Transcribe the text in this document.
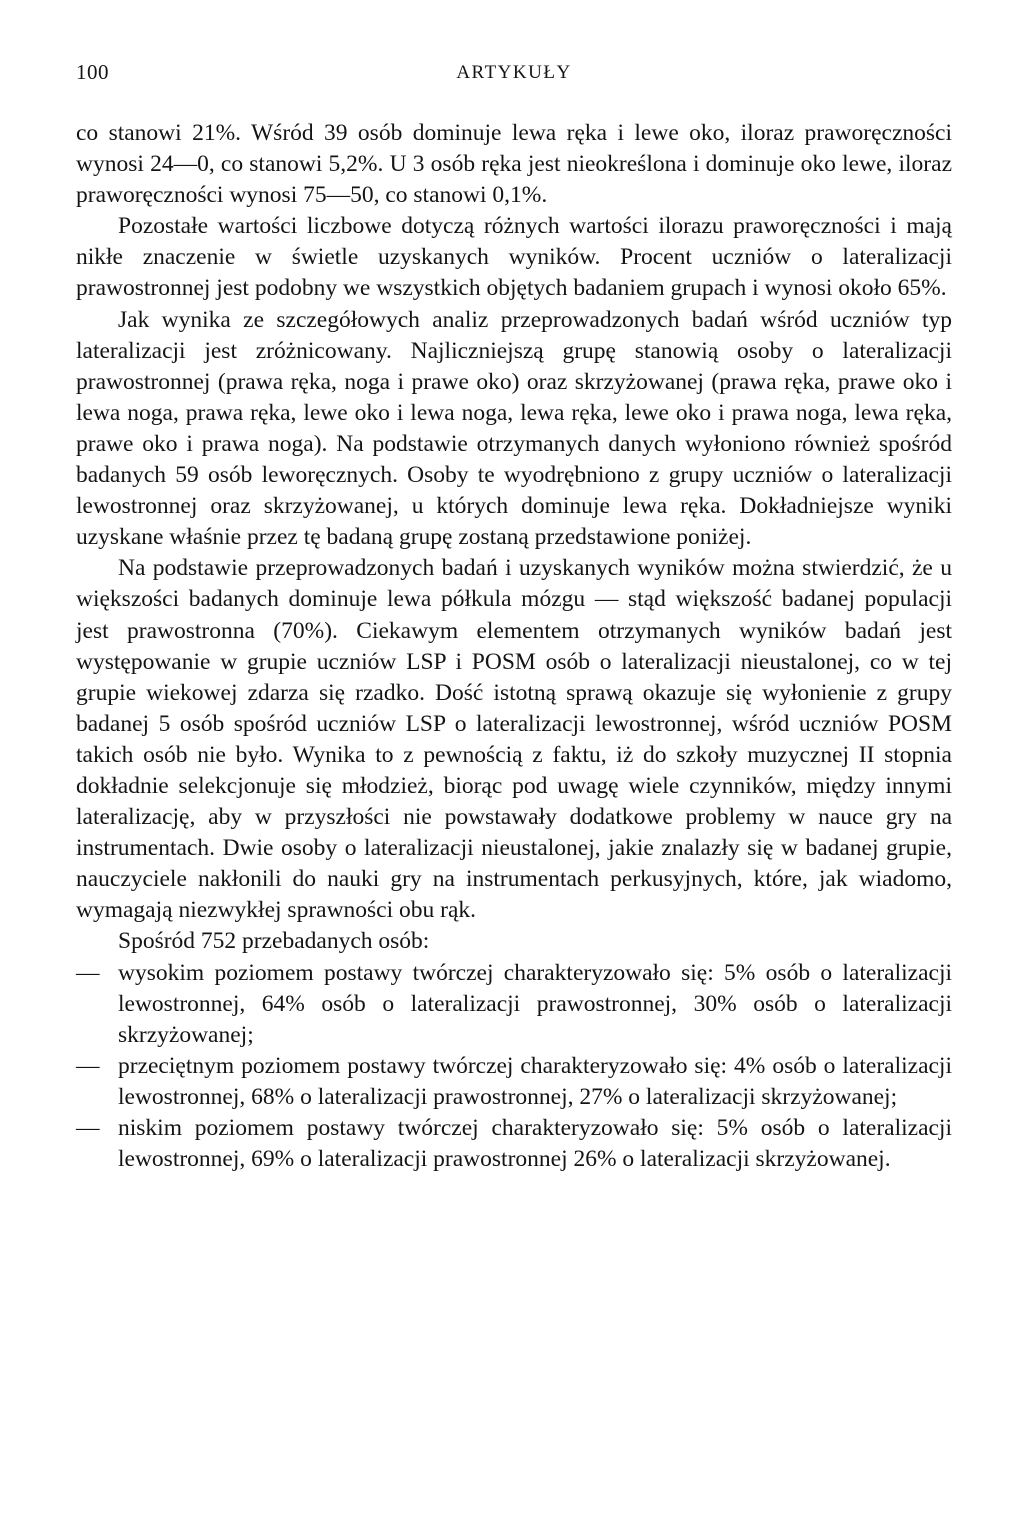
100	ARTYKUŁY

co stanowi 21%. Wśród 39 osób dominuje lewa ręka i lewe oko, iloraz praworęczności wynosi 24—0, co stanowi 5,2%. U 3 osób ręka jest nieokreślona i dominuje oko lewe, iloraz praworęczności wynosi 75—50, co stanowi 0,1%.

Pozostałe wartości liczbowe dotyczą różnych wartości ilorazu praworęczności i mają nikłe znaczenie w świetle uzyskanych wyników. Procent uczniów o lateralizacji prawostronnej jest podobny we wszystkich objętych badaniem grupach i wynosi około 65%.

Jak wynika ze szczegółowych analiz przeprowadzonych badań wśród uczniów typ lateralizacji jest zróżnicowany. Najliczniejszą grupę stanowią osoby o lateralizacji prawostronnej (prawa ręka, noga i prawe oko) oraz skrzyżowanej (prawa ręka, prawe oko i lewa noga, prawa ręka, lewe oko i lewa noga, lewa ręka, lewe oko i prawa noga, lewa ręka, prawe oko i prawa noga). Na podstawie otrzymanych danych wyłoniono również spośród badanych 59 osób leworęcznych. Osoby te wyodrębniono z grupy uczniów o lateralizacji lewostronnej oraz skrzyżowanej, u których dominuje lewa ręka. Dokładniejsze wyniki uzyskane właśnie przez tę badaną grupę zostaną przedstawione poniżej.

Na podstawie przeprowadzonych badań i uzyskanych wyników można stwierdzić, że u większości badanych dominuje lewa półkula mózgu — stąd większość badanej populacji jest prawostronna (70%). Ciekawym elementem otrzymanych wyników badań jest występowanie w grupie uczniów LSP i POSM osób o lateralizacji nieustalonej, co w tej grupie wiekowej zdarza się rzadko. Dość istotną sprawą okazuje się wyłonienie z grupy badanej 5 osób spośród uczniów LSP o lateralizacji lewostronnej, wśród uczniów POSM takich osób nie było. Wynika to z pewnością z faktu, iż do szkoły muzycznej II stopnia dokładnie selekcjonuje się młodzież, biorąc pod uwagę wiele czynników, między innymi lateralizację, aby w przyszłości nie powstawały dodatkowe problemy w nauce gry na instrumentach. Dwie osoby o lateralizacji nieustalonej, jakie znalazły się w badanej grupie, nauczyciele nakłonili do nauki gry na instrumentach perkusyjnych, które, jak wiadomo, wymagają niezwykłej sprawności obu rąk.

Spośród 752 przebadanych osób:

— wysokim poziomem postawy twórczej charakteryzowało się: 5% osób o lateralizacji lewostronnej, 64% osób o lateralizacji prawostronnej, 30% osób o lateralizacji skrzyżowanej;
— przeciętnym poziomem postawy twórczej charakteryzowało się: 4% osób o lateralizacji lewostronnej, 68% o lateralizacji prawostronnej, 27% o lateralizacji skrzyżowanej;
— niskim poziomem postawy twórczej charakteryzowało się: 5% osób o lateralizacji lewostronnej, 69% o lateralizacji prawostronnej 26% o lateralizacji skrzyżowanej.
